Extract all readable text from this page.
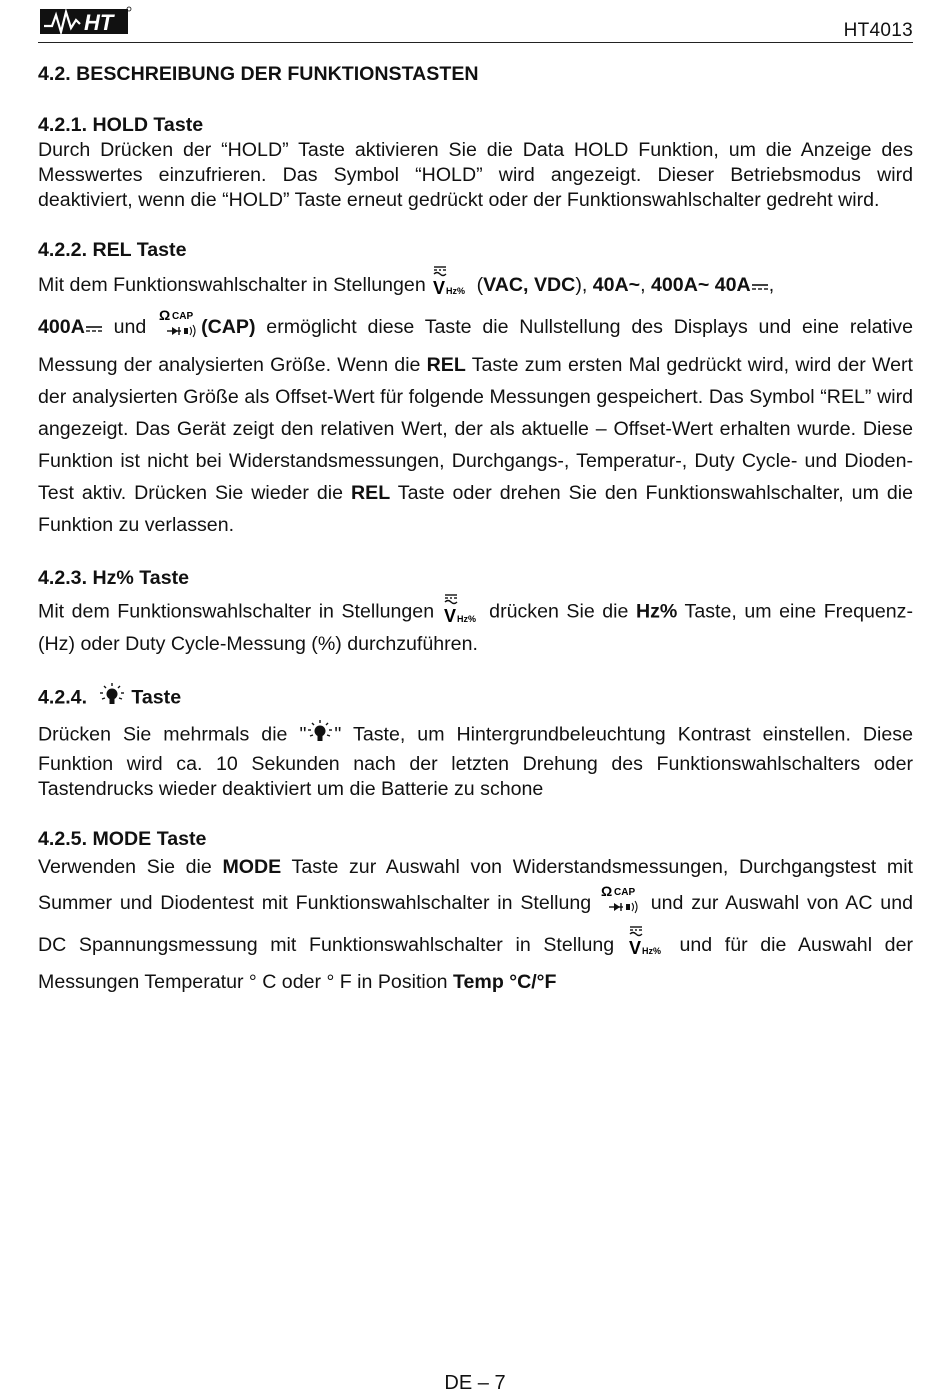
HT	HT4013
4.2. BESCHREIBUNG DER FUNKTIONSTASTEN
4.2.1. HOLD Taste

Durch Drücken der “HOLD” Taste aktivieren Sie die Data HOLD Funktion, um die Anzeige des Messwertes einzufrieren. Das Symbol “HOLD” wird angezeigt. Dieser Betriebsmodus wird deaktiviert, wenn die “HOLD” Taste erneut gedrückt oder der Funktionswahlschalter gedreht wird.

4.2.2. REL Taste

Mit dem Funktionswahlschalter in Stellungen V Hz% (VAC, VDC), 40A~, 400A~ 40A ,
400A und
Ω CAP (CAP) ermöglicht diese Taste die Nullstellung des Displays und eine relative Messung der analysierten Größe. Wenn die REL Taste zum ersten Mal gedrückt wird, wird der Wert der analysierten Größe als Offset-Wert für folgende Messungen gespeichert. Das Symbol “REL” wird angezeigt. Das Gerät zeigt den relativen Wert, der als aktuelle – Offset-Wert erhalten wurde. Diese Funktion ist nicht bei Widerstandsmessungen, Durchgangs-, Temperatur-, Duty Cycle- und Dioden-Test aktiv. Drücken Sie wieder die REL Taste oder drehen Sie den Funktionswahlschalter, um die Funktion zu verlassen.

4.2.3. Hz% Taste

Mit dem Funktionswahlschalter in Stellungen V Hz% drücken Sie die Hz% Taste, um eine Frequenz- (Hz) oder Duty Cycle-Messung (%) durchzuführen.

4.2.4. Taste

Drücken Sie mehrmals die " " Taste, um Hintergrundbeleuchtung Kontrast einstellen. Diese Funktion wird ca. 10 Sekunden nach der letzten Drehung des Funktionswahlschalters oder Tastendrucks wieder deaktiviert um die Batterie zu schone

4.2.5. MODE Taste

Verwenden Sie die MODE Taste zur Auswahl von Widerstandsmessungen, Durchgangstest mit Summer und Diodentest mit Funktionswahlschalter in Stellung
Ω CAP und zur Auswahl von AC und DC Spannungsmessung mit Funktionswahlschalter in Stellung V Hz% und für die Auswahl der Messungen Temperatur ° C oder ° F in Position Temp °C/°F

DE – 7
